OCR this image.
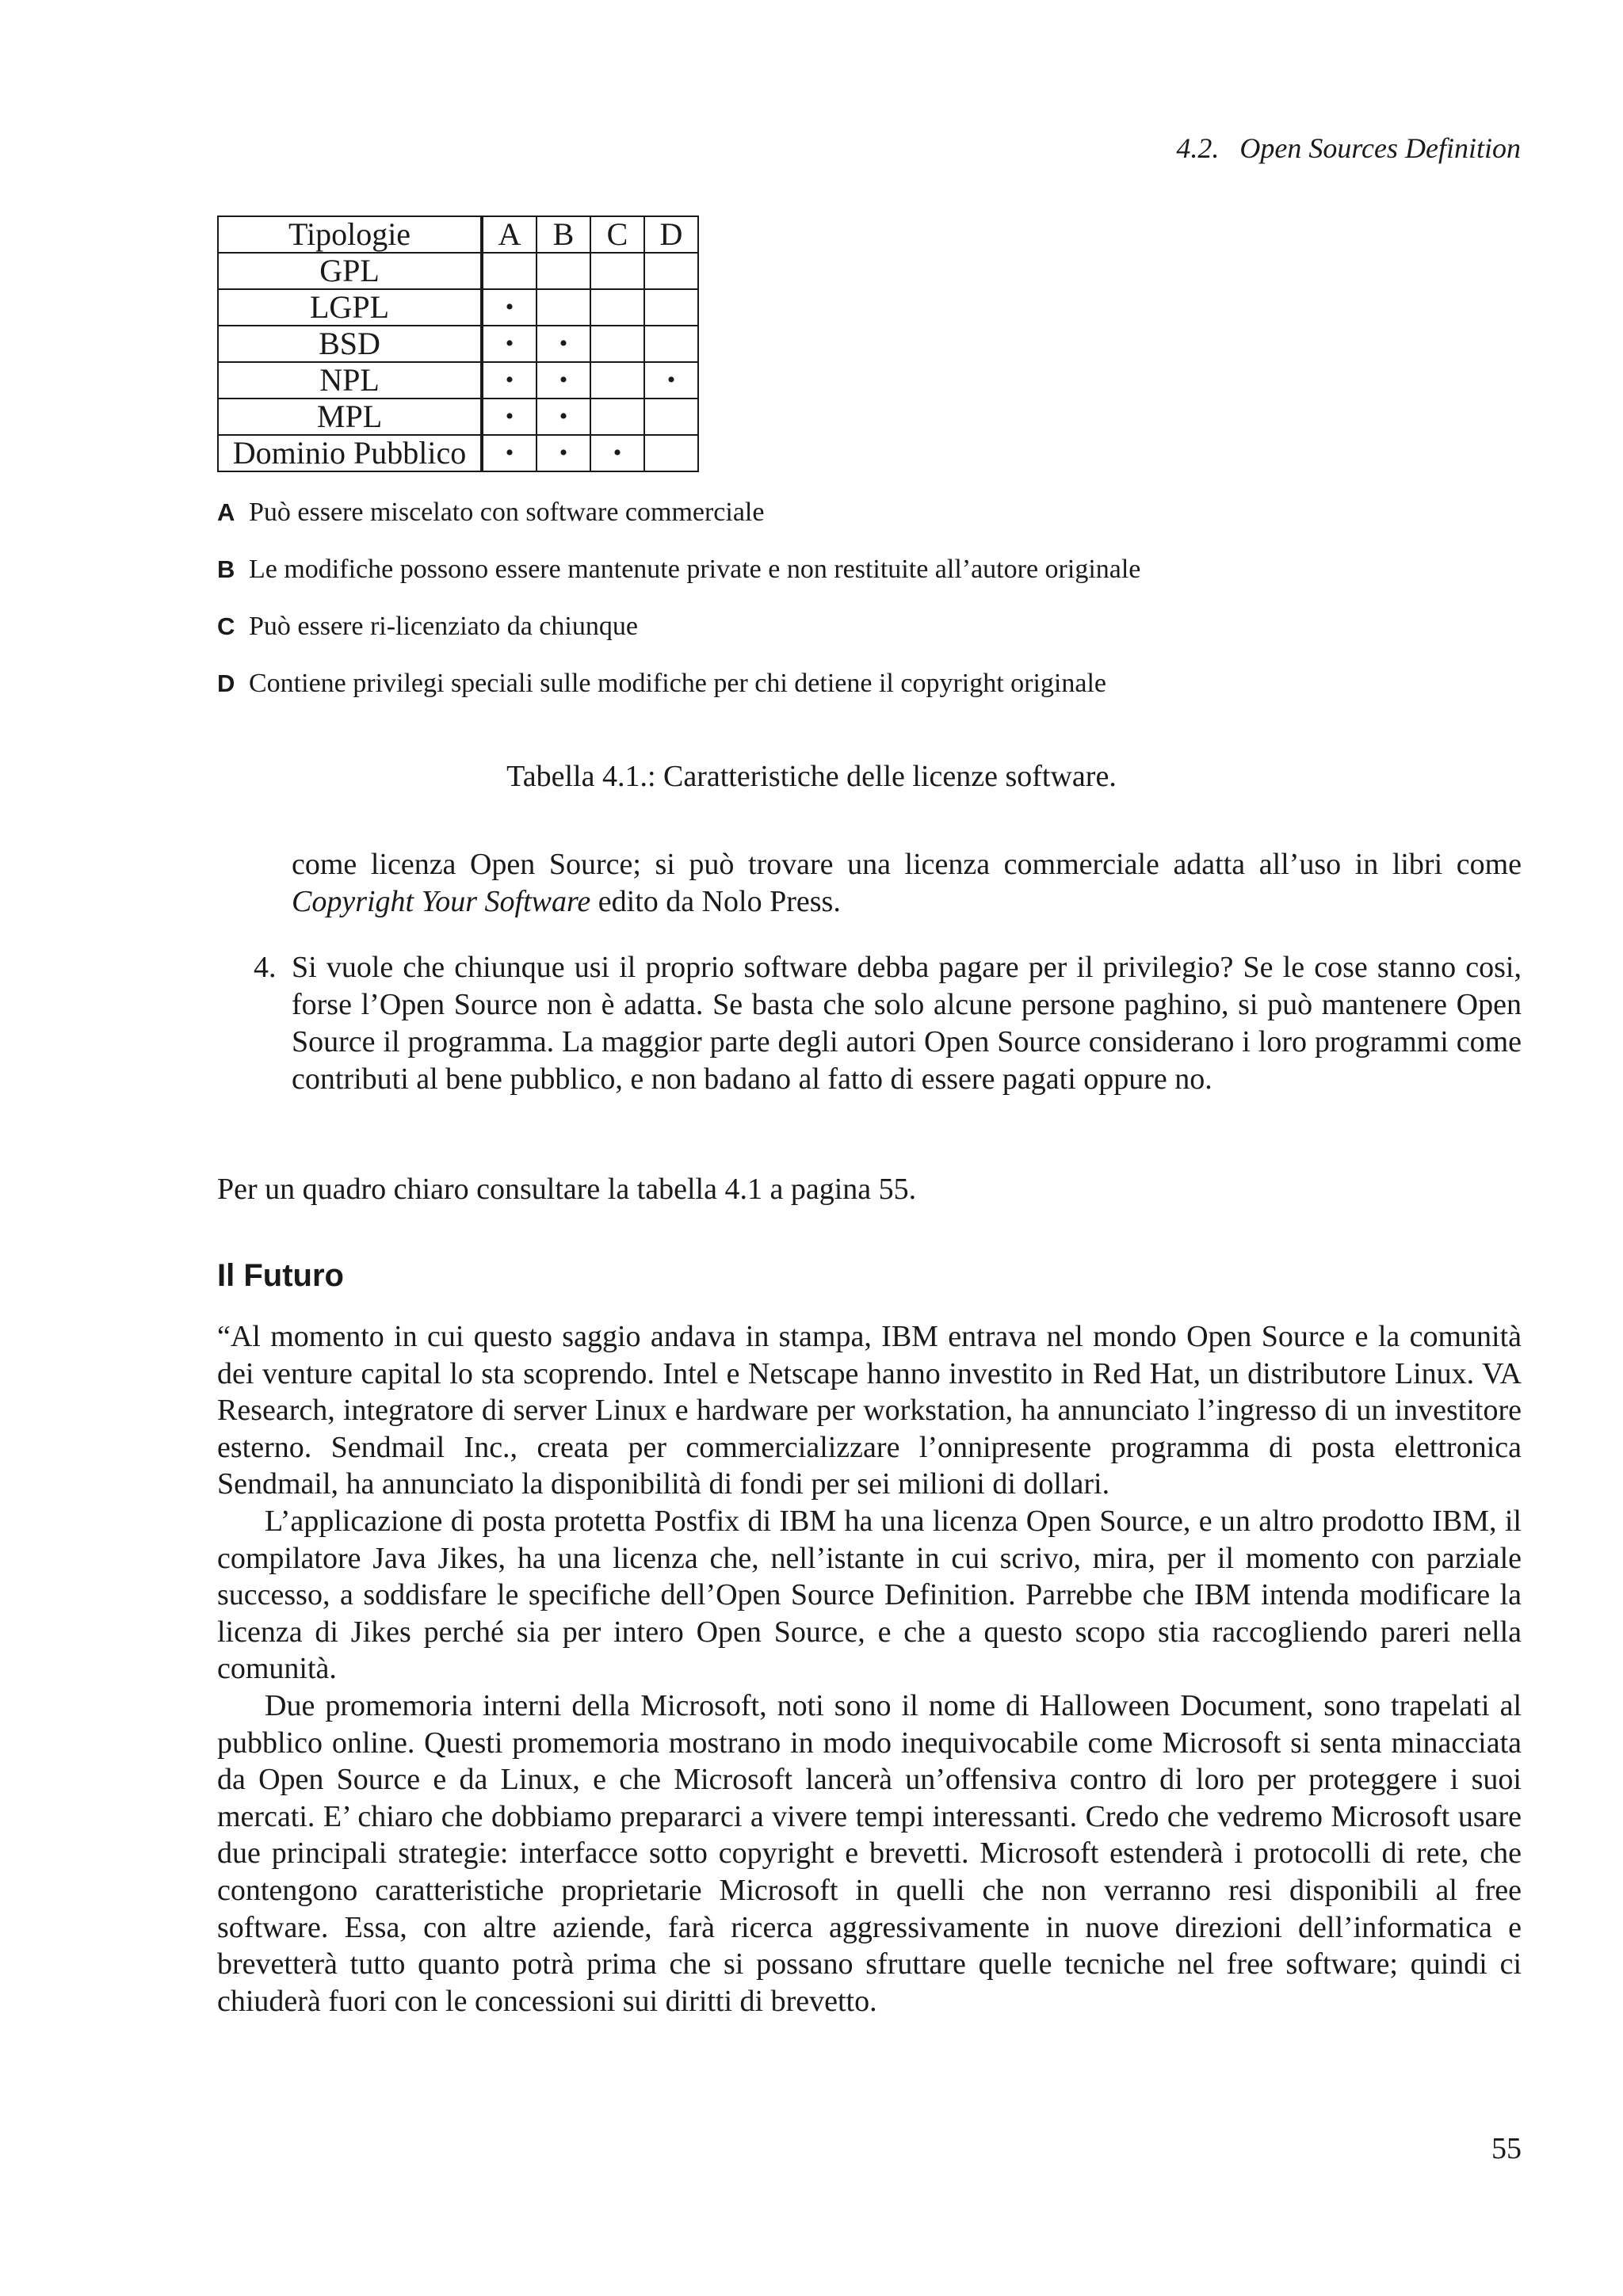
4.2. Open Sources Definition
Tipologie	A	B	C	D
GPL				
LGPL	•			
BSD	•	•		
NPL	•	•		•
MPL	•	•		
Dominio Pubblico	•	•	•	
A Può essere miscelato con software commerciale
B Le modifiche possono essere mantenute private e non restituite all’autore originale
C Può essere ri-licenziato da chiunque
D Contiene privilegi speciali sulle modifiche per chi detiene il copyright originale
Tabella 4.1.: Caratteristiche delle licenze software.
come licenza Open Source; si può trovare una licenza commerciale adatta all’uso in libri come Copyright Your Software edito da Nolo Press.
4. Si vuole che chiunque usi il proprio software debba pagare per il privilegio? Se le cose stanno cosi, forse l’Open Source non è adatta. Se basta che solo alcune persone paghino, si può mantenere Open Source il programma. La maggior parte degli autori Open Source considerano i loro programmi come contributi al bene pubblico, e non badano al fatto di essere pagati oppure no.
Per un quadro chiaro consultare la tabella 4.1 a pagina 55.
Il Futuro

“Al momento in cui questo saggio andava in stampa, IBM entrava nel mondo Open Source e la comunità dei venture capital lo sta scoprendo. Intel e Netscape hanno investito in Red Hat, un distributore Linux. VA Research, integratore di server Linux e hardware per workstation, ha annunciato l’ingresso di un investitore esterno. Sendmail Inc., creata per commercializzare l’onnipresente programma di posta elettronica Sendmail, ha annunciato la disponibilità di fondi per sei milioni di dollari.

L’applicazione di posta protetta Postfix di IBM ha una licenza Open Source, e un altro prodotto IBM, il compilatore Java Jikes, ha una licenza che, nell’istante in cui scrivo, mira, per il momento con parziale successo, a soddisfare le specifiche dell’Open Source Definition. Parrebbe che IBM intenda modificare la licenza di Jikes perché sia per intero Open Source, e che a questo scopo stia raccogliendo pareri nella comunità.

Due promemoria interni della Microsoft, noti sono il nome di Halloween Document, sono trapelati al pubblico online. Questi promemoria mostrano in modo inequivocabile come Microsoft si senta minacciata da Open Source e da Linux, e che Microsoft lancerà un’offensiva contro di loro per proteggere i suoi mercati. E’ chiaro che dobbiamo prepararci a vivere tempi interessanti. Credo che vedremo Microsoft usare due principali strategie: interfacce sotto copyright e brevetti. Microsoft estenderà i protocolli di rete, che contengono caratteristiche proprietarie Microsoft in quelli che non verranno resi disponibili al free software. Essa, con altre aziende, farà ricerca aggressivamente in nuove direzioni dell’informatica e brevetterà tutto quanto potrà prima che si possano sfruttare quelle tecniche nel free software; quindi ci chiuderà fuori con le concessioni sui diritti di brevetto.

55
